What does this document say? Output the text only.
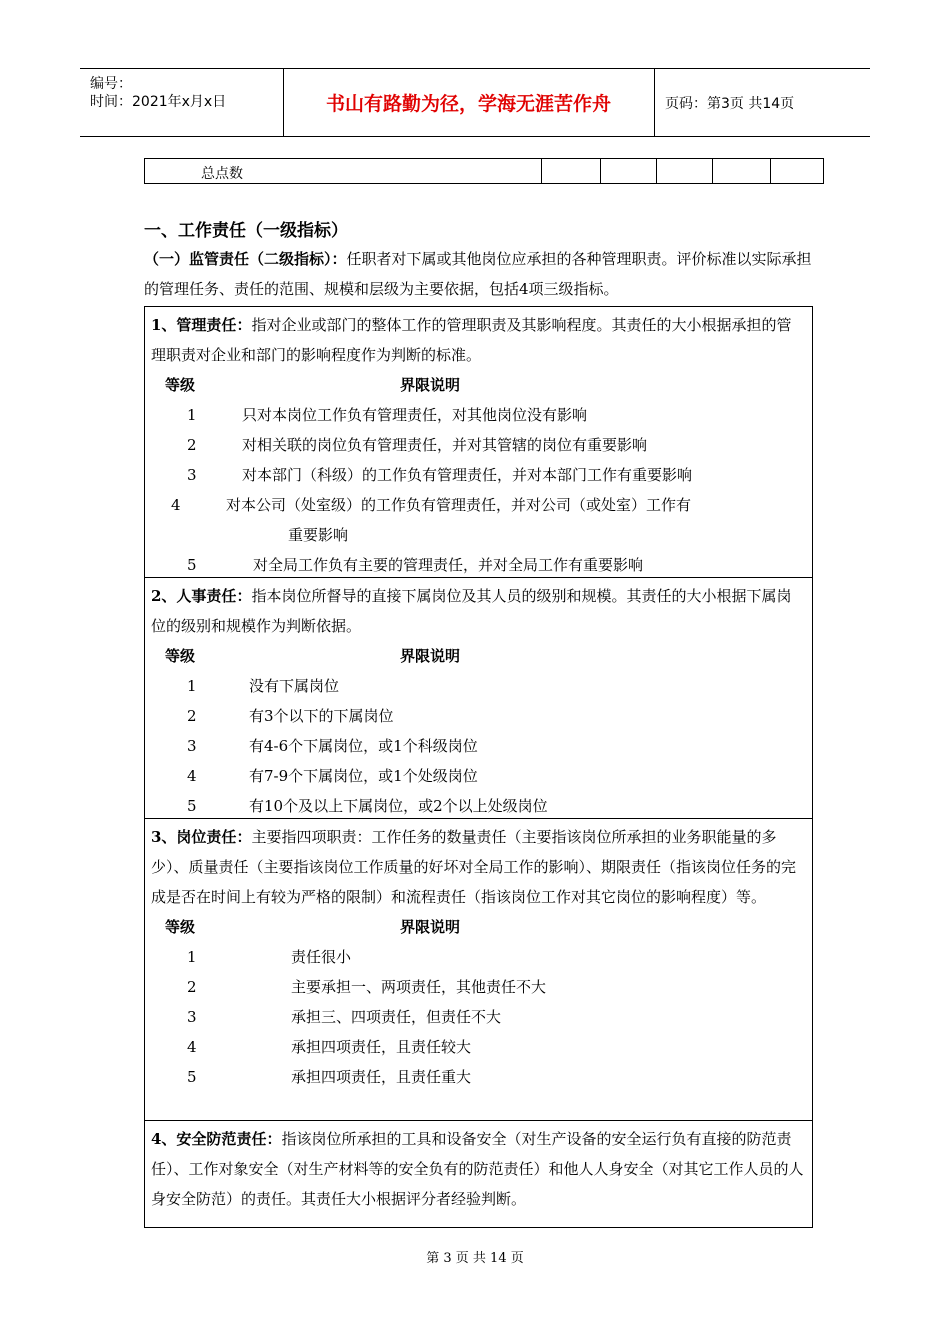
编号：
时间：2021年x月x日	书山有路勤为径，学海无涯苦作舟	页码：第3页 共14页
总点数
一、工作责任（一级指标）
（一）监管责任（二级指标）：任职者对下属或其他岗位应承担的各种管理职责。评价标准以实际承担的管理任务、责任的范围、规模和层级为主要依据，包括4项三级指标。
1、管理责任：指对企业或部门的整体工作的管理职责及其影响程度。其责任的大小根据承担的管理职责对企业和部门的影响程度作为判断的标准。
等级	界限说明
1	只对本岗位工作负有管理责任，对其他岗位没有影响
2	对相关联的岗位负有管理责任，并对其管辖的岗位有重要影响
3	对本部门（科级）的工作负有管理责任，并对本部门工作有重要影响
4	对本公司（处室级）的工作负有管理责任，并对公司（或处室）工作有
重要影响
5	对全局工作负有主要的管理责任，并对全局工作有重要影响
2、人事责任：指本岗位所督导的直接下属岗位及其人员的级别和规模。其责任的大小根据下属岗位的级别和规模作为判断依据。
等级	界限说明
1	没有下属岗位
2	有3个以下的下属岗位
3	有4-6个下属岗位，或1个科级岗位
4	有7-9个下属岗位，或1个处级岗位
5	有10个及以上下属岗位，或2个以上处级岗位
3、岗位责任：主要指四项职责：工作任务的数量责任（主要指该岗位所承担的业务职能量的多少）、质量责任（主要指该岗位工作质量的好坏对全局工作的影响）、期限责任（指该岗位任务的完成是否在时间上有较为严格的限制）和流程责任（指该岗位工作对其它岗位的影响程度）等。
等级	界限说明
1	责任很小
2	主要承担一、两项责任，其他责任不大
3	承担三、四项责任，但责任不大
4	承担四项责任，且责任较大
5	承担四项责任，且责任重大
4、安全防范责任：指该岗位所承担的工具和设备安全（对生产设备的安全运行负有直接的防范责任）、工作对象安全（对生产材料等的安全负有的防范责任）和他人人身安全（对其它工作人员的人身安全防范）的责任。其责任大小根据评分者经验判断。
第 3 页 共 14 页
